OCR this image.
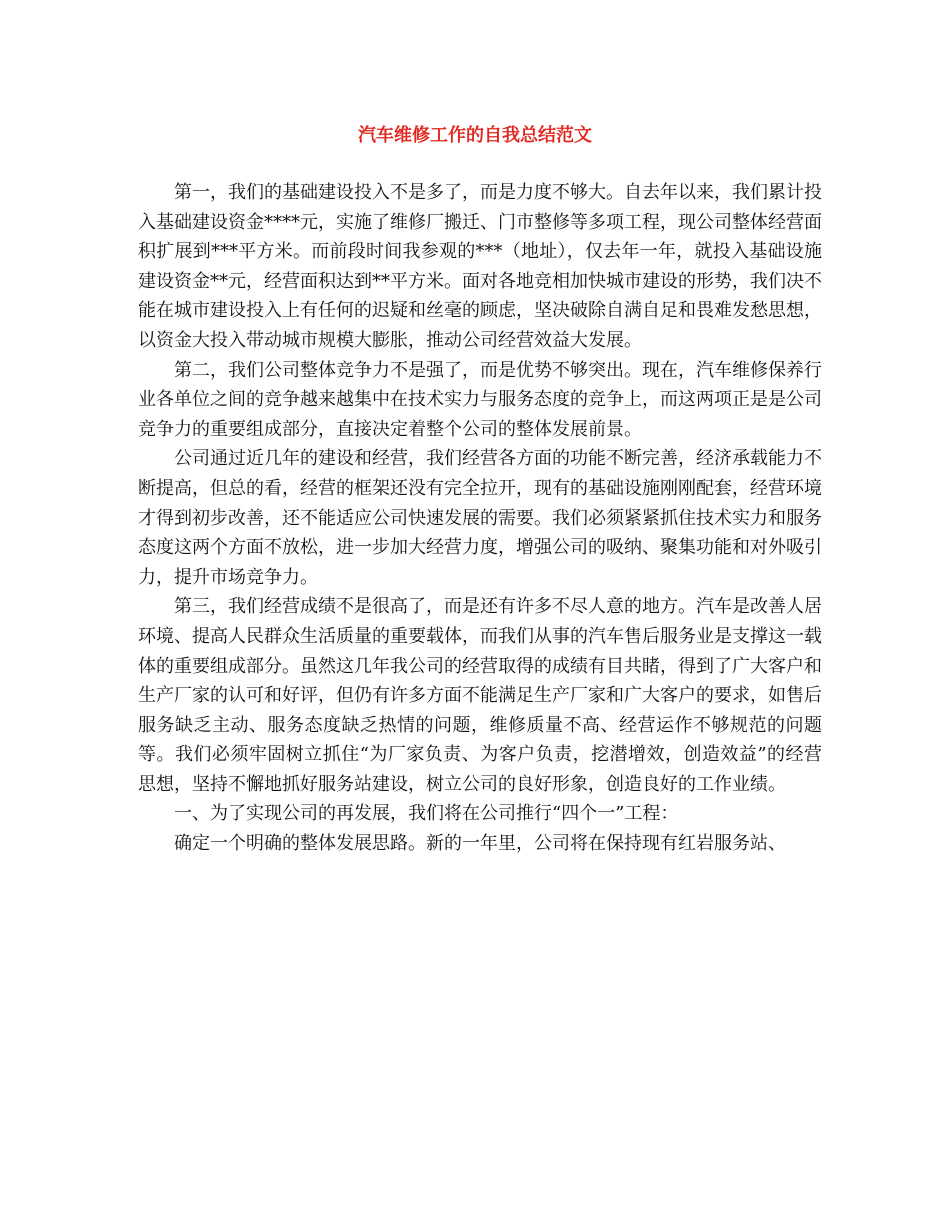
汽车维修工作的自我总结范文

第一，我们的基础建设投入不是多了，而是力度不够大。自去年以来，我们累计投入基础建设资金****元，实施了维修厂搬迁、门市整修等多项工程，现公司整体经营面积扩展到***平方米。而前段时间我参观的***（地址），仅去年一年，就投入基础设施建设资金**元，经营面积达到**平方米。面对各地竞相加快城市建设的形势，我们决不能在城市建设投入上有任何的迟疑和丝毫的顾虑，坚决破除自满自足和畏难发愁思想，以资金大投入带动城市规模大膨胀，推动公司经营效益大发展。

第二，我们公司整体竞争力不是强了，而是优势不够突出。现在，汽车维修保养行业各单位之间的竞争越来越集中在技术实力与服务态度的竞争上，而这两项正是是公司竞争力的重要组成部分，直接决定着整个公司的整体发展前景。

公司通过近几年的建设和经营，我们经营各方面的功能不断完善，经济承载能力不断提高，但总的看，经营的框架还没有完全拉开，现有的基础设施刚刚配套，经营环境才得到初步改善，还不能适应公司快速发展的需要。我们必须紧紧抓住技术实力和服务态度这两个方面不放松，进一步加大经营力度，增强公司的吸纳、聚集功能和对外吸引力，提升市场竞争力。

第三，我们经营成绩不是很高了，而是还有许多不尽人意的地方。汽车是改善人居环境、提高人民群众生活质量的重要载体，而我们从事的汽车售后服务业是支撑这一载体的重要组成部分。虽然这几年我公司的经营取得的成绩有目共睹，得到了广大客户和生产厂家的认可和好评，但仍有许多方面不能满足生产厂家和广大客户的要求，如售后服务缺乏主动、服务态度缺乏热情的问题，维修质量不高、经营运作不够规范的问题等。我们必须牢固树立抓住“为厂家负责、为客户负责，挖潜增效，创造效益”的经营思想，坚持不懈地抓好服务站建设，树立公司的良好形象，创造良好的工作业绩。

一、为了实现公司的再发展，我们将在公司推行“四个一”工程：

确定一个明确的整体发展思路。新的一年里，公司将在保持现有红岩服务站、
